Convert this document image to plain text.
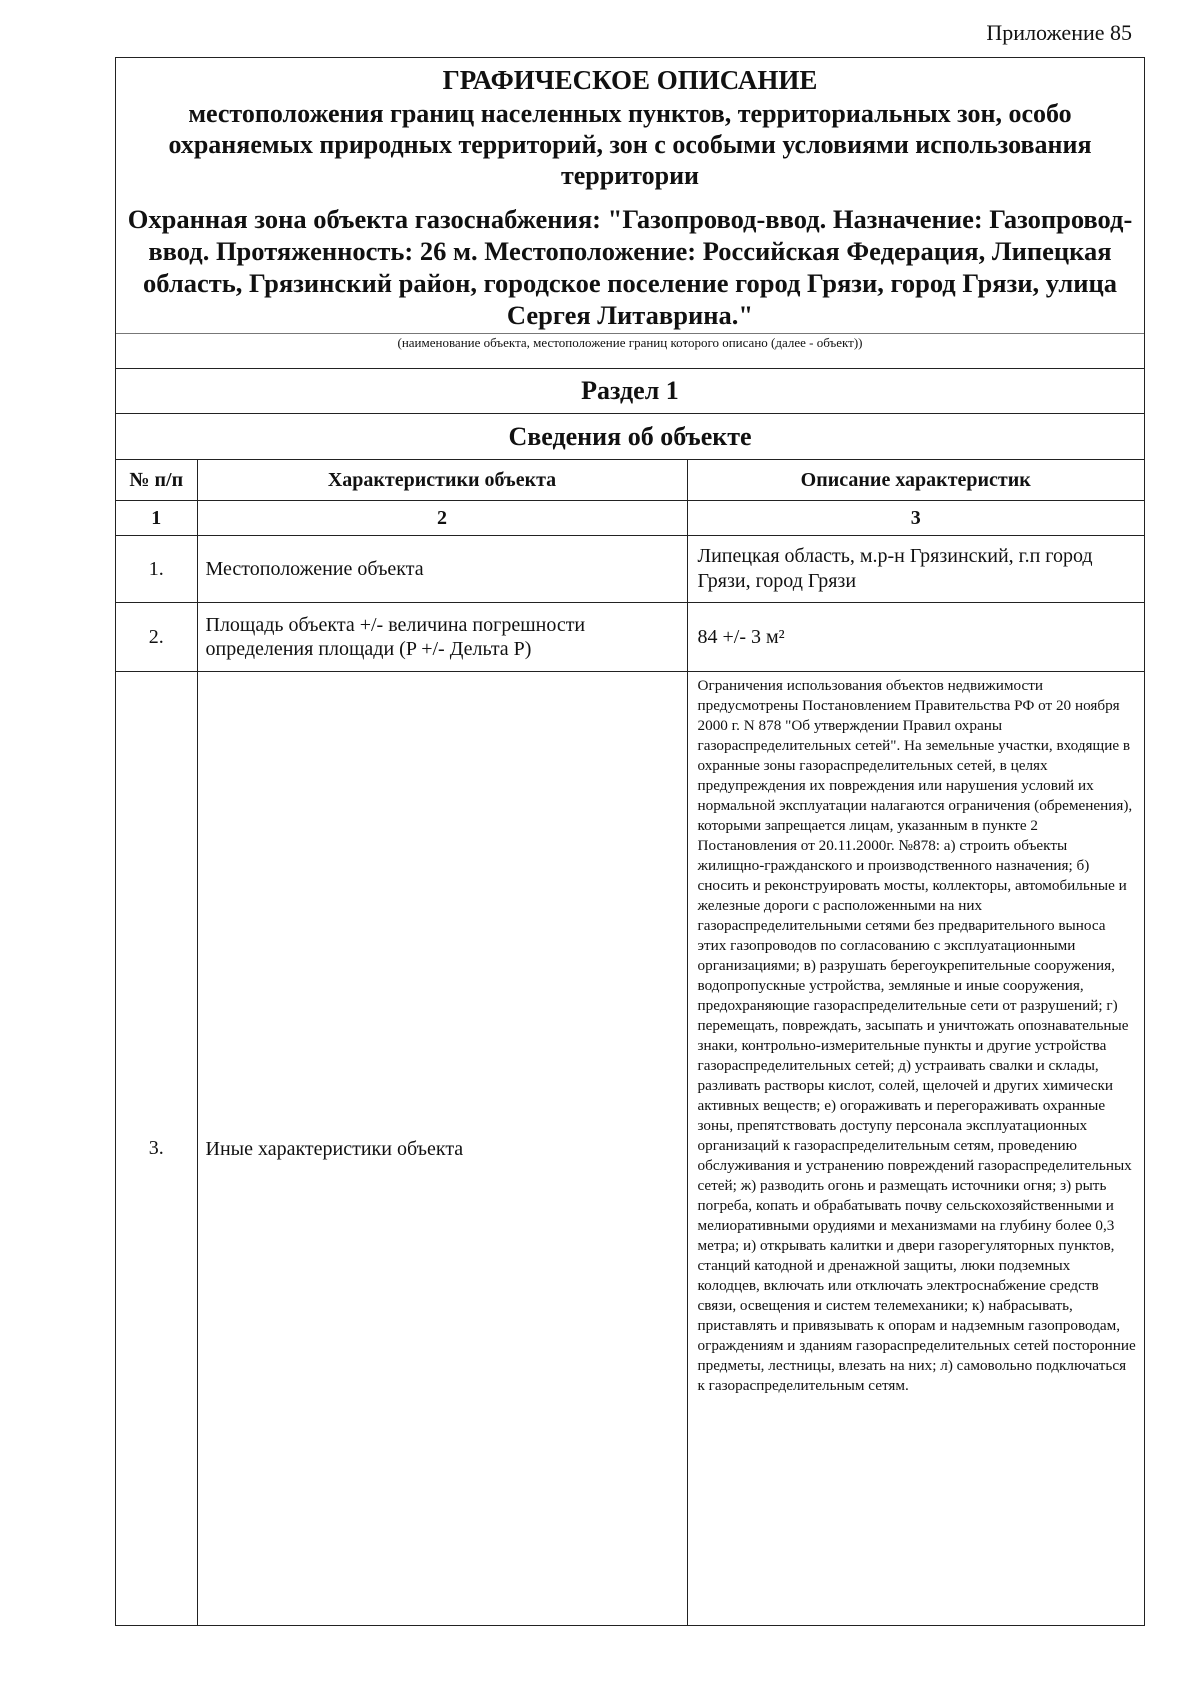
Приложение 85
ГРАФИЧЕСКОЕ ОПИСАНИЕ
местоположения границ населенных пунктов, территориальных зон, особо охраняемых природных территорий, зон с особыми условиями использования территории
Охранная зона объекта газоснабжения: "Газопровод-ввод. Назначение: Газопровод-ввод. Протяженность: 26 м. Местоположение: Российская Федерация, Липецкая область, Грязинский район, городское поселение город Грязи, город Грязи, улица Сергея Литаврина."
(наименование объекта, местоположение границ которого описано (далее - объект))
Раздел 1
Сведения об объекте
№ п/п	Характеристики объекта	Описание характеристик
1	2	3
1.	Местоположение объекта	Липецкая область, м.р-н Грязинский, г.п город Грязи, город Грязи
2.	Площадь объекта +/- величина погрешности определения площади (P +/- Дельта P)	84 +/- 3 м²
3.	Иные характеристики объекта	Ограничения использования объектов недвижимости предусмотрены Постановлением Правительства РФ от 20 ноября 2000 г. N 878 "Об утверждении Правил охраны газораспределительных сетей". На земельные участки, входящие в охранные зоны газораспределительных сетей, в целях предупреждения их повреждения или нарушения условий их нормальной эксплуатации налагаются ограничения (обременения), которыми запрещается лицам, указанным в пункте 2 Постановления от 20.11.2000г. №878: а) строить объекты жилищно-гражданского и производственного назначения; б) сносить и реконструировать мосты, коллекторы, автомобильные и железные дороги с расположенными на них газораспределительными сетями без предварительного выноса этих газопроводов по согласованию с эксплуатационными организациями; в) разрушать берегоукрепительные сооружения, водопропускные устройства, земляные и иные сооружения, предохраняющие газораспределительные сети от разрушений; г) перемещать, повреждать, засыпать и уничтожать опознавательные знаки, контрольно-измерительные пункты и другие устройства газораспределительных сетей; д) устраивать свалки и склады, разливать растворы кислот, солей, щелочей и других химически активных веществ; е) огораживать и перегораживать охранные зоны, препятствовать доступу персонала эксплуатационных организаций к газораспределительным сетям, проведению обслуживания и устранению повреждений газораспределительных сетей; ж) разводить огонь и размещать источники огня; з) рыть погреба, копать и обрабатывать почву сельскохозяйственными и мелиоративными орудиями и механизмами на глубину более 0,3 метра; и) открывать калитки и двери газорегуляторных пунктов, станций катодной и дренажной защиты, люки подземных колодцев, включать или отключать электроснабжение средств связи, освещения и систем телемеханики; к) набрасывать, приставлять и привязывать к опорам и надземным газопроводам, ограждениям и зданиям газораспределительных сетей посторонние предметы, лестницы, влезать на них; л) самовольно подключаться к газораспределительным сетям.
